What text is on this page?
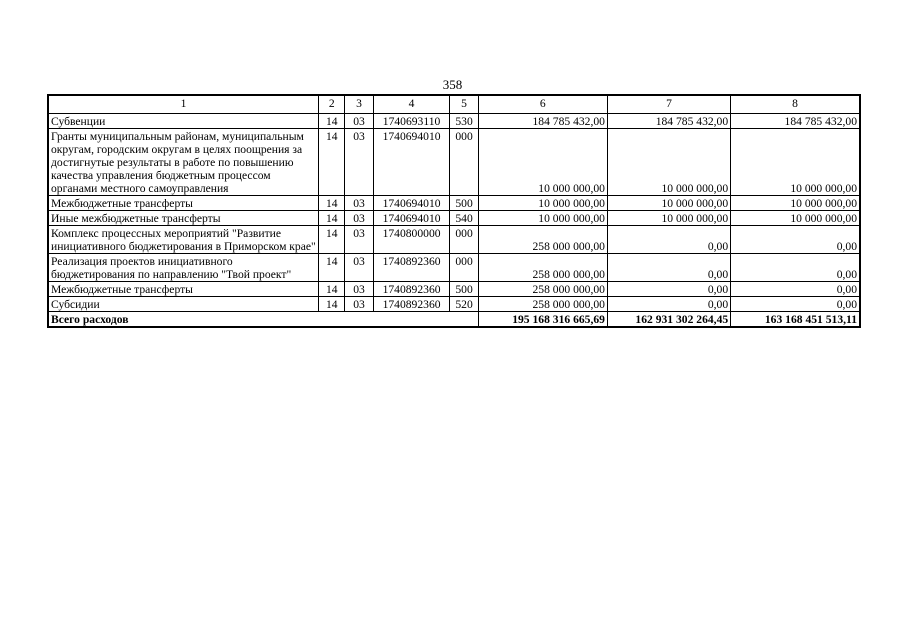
358
1	2	3	4	5	6	7	8
Субвенции	14	03	1740693110	530	184 785 432,00	184 785 432,00	184 785 432,00
Гранты муниципальным районам, муниципальным округам, городским округам в целях поощрения за достигнутые результаты в работе по повышению качества управления бюджетным процессом органами местного самоуправления	14	03	1740694010	000	10 000 000,00	10 000 000,00	10 000 000,00
Межбюджетные трансферты	14	03	1740694010	500	10 000 000,00	10 000 000,00	10 000 000,00
Иные межбюджетные трансферты	14	03	1740694010	540	10 000 000,00	10 000 000,00	10 000 000,00
Комплекс процессных мероприятий "Развитие инициативного бюджетирования в Приморском крае"	14	03	1740800000	000	258 000 000,00	0,00	0,00
Реализация проектов инициативного бюджетирования по направлению "Твой проект"	14	03	1740892360	000	258 000 000,00	0,00	0,00
Межбюджетные трансферты	14	03	1740892360	500	258 000 000,00	0,00	0,00
Субсидии	14	03	1740892360	520	258 000 000,00	0,00	0,00
Всего расходов					195 168 316 665,69	162 931 302 264,45	163 168 451 513,11
